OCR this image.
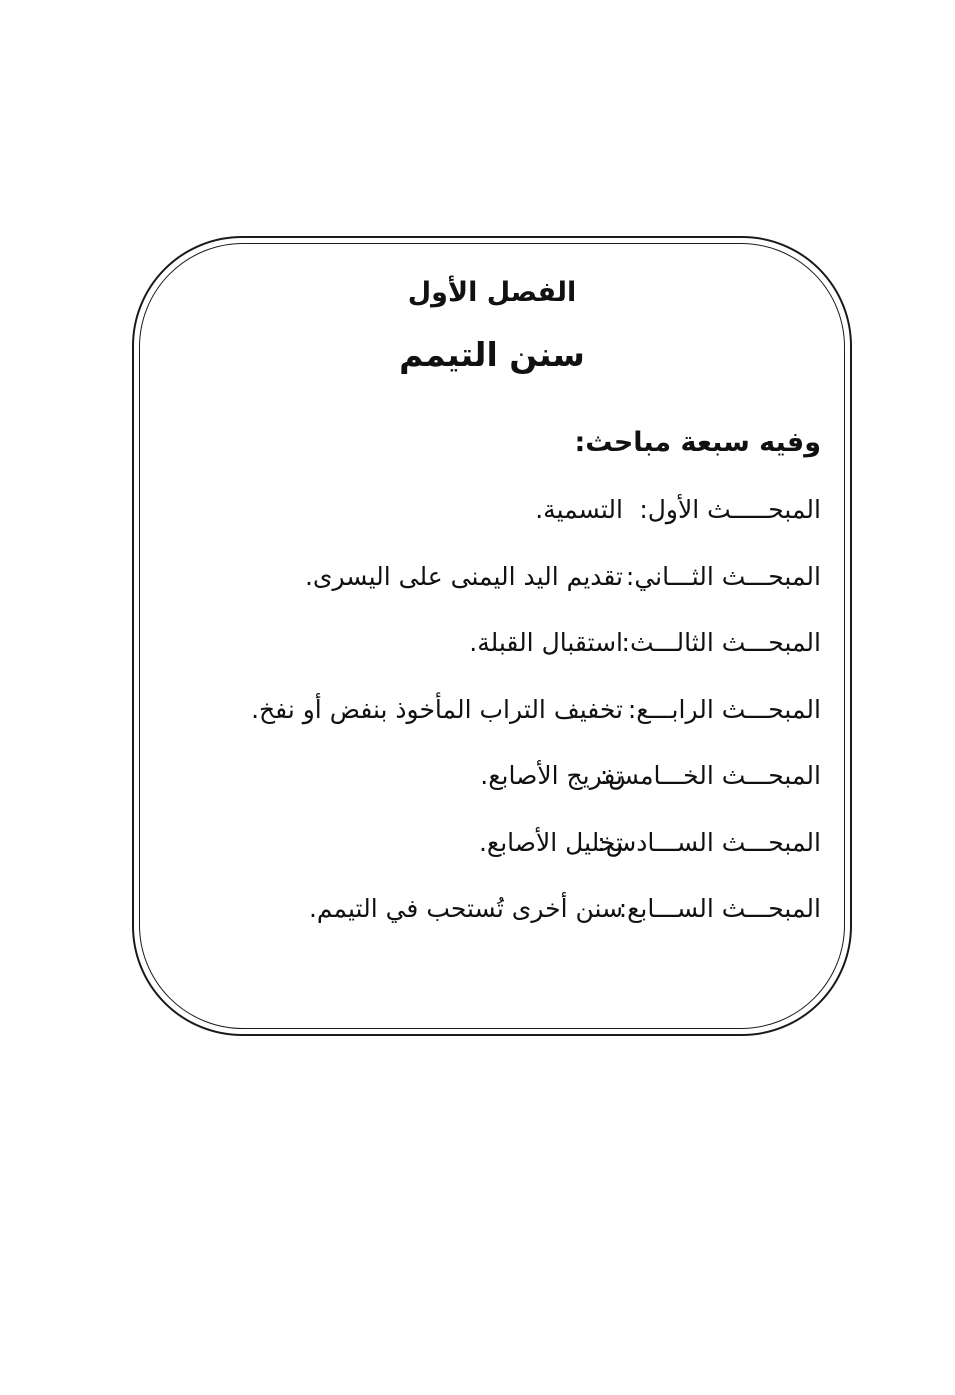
الفصل الأول
سنن التيمم
وفيه سبعة مباحث:
المبحـــــث الأول:
التسمية.
المبحـــث الثـــاني:
تقديم اليد اليمنى على اليسرى.
المبحـــث الثالـــث:
استقبال القبلة.
المبحـــث الرابـــع:
تخفيف التراب المأخوذ بنفض أو نفخ.
المبحـــث الخـــامس:
تفريج الأصابع.
المبحـــث الســـادس:
تخليل الأصابع.
المبحـــث الســـابع:
سنن أخرى تُستحب في التيمم.
